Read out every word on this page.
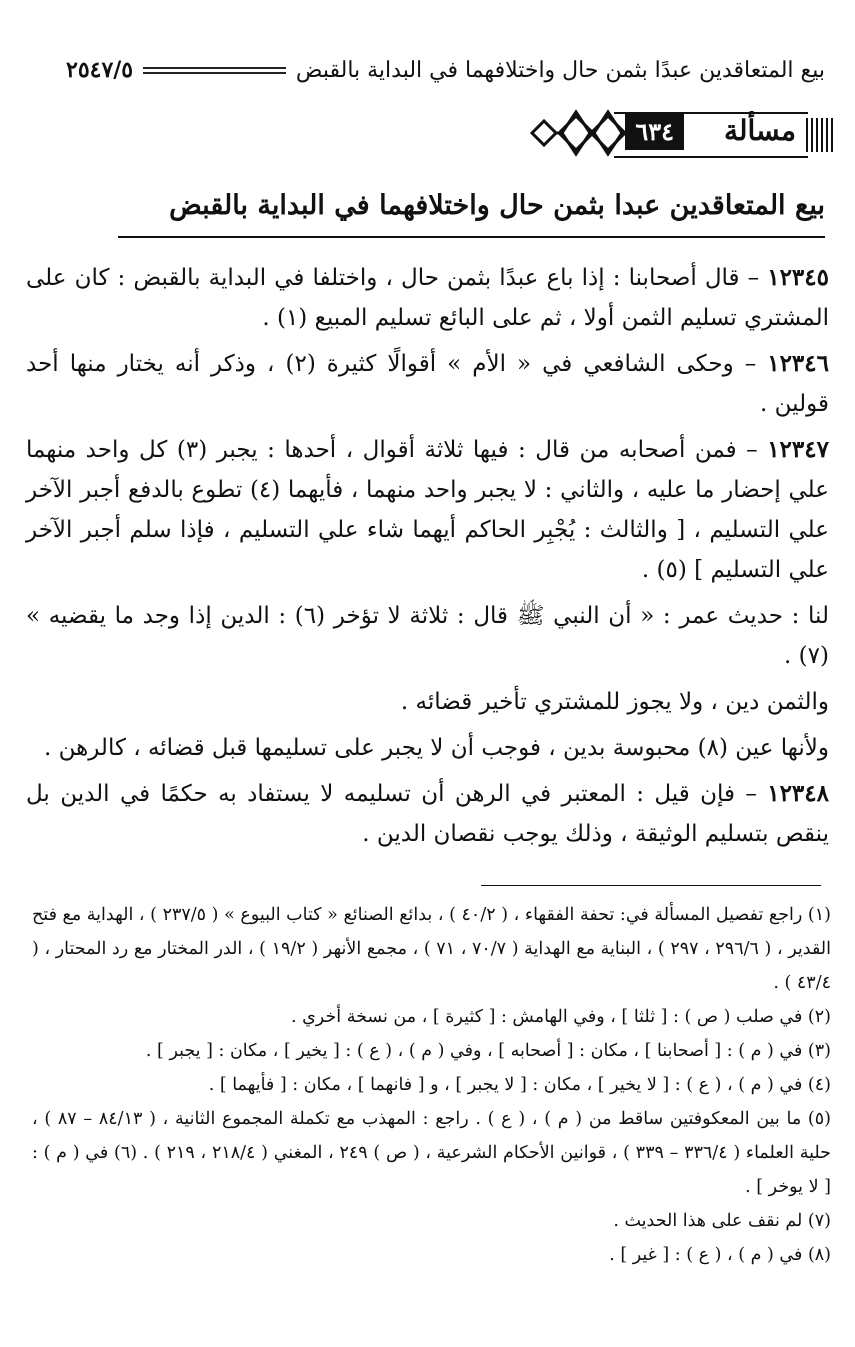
بيع المتعاقدين عبدًا بثمن حال واختلافهما في البداية بالقبض
٢٥٤٧/٥
مسألة
٦٣٤
بيع المتعاقدين عبدا بثمن حال واختلافهما في البداية بالقبض

١٢٣٤٥ – قال أصحابنا : إذا باع عبدًا بثمن حال ، واختلفا في البداية بالقبض : كان على المشتري تسليم الثمن أولا ، ثم على البائع تسليم المبيع (١) .

١٢٣٤٦ – وحكى الشافعي في « الأم » أقوالًا كثيرة (٢) ، وذكر أنه يختار منها أحد قولين .

١٢٣٤٧ – فمن أصحابه من قال : فيها ثلاثة أقوال ، أحدها : يجبر (٣) كل واحد منهما علي إحضار ما عليه ، والثاني : لا يجبر واحد منهما ، فأيهما (٤) تطوع بالدفع أجبر الآخر علي التسليم ، [ والثالث : يُجْبِر الحاكم أيهما شاء علي التسليم ، فإذا سلم أجبر الآخر علي التسليم ] (٥) .

لنا : حديث عمر : « أن النبي ﷺ قال : ثلاثة لا تؤخر (٦) : الدين إذا وجد ما يقضيه » (٧) .

والثمن دين ، ولا يجوز للمشتري تأخير قضائه .

ولأنها عين (٨) محبوسة بدين ، فوجب أن لا يجبر على تسليمها قبل قضائه ، كالرهن .

١٢٣٤٨ – فإن قيل : المعتبر في الرهن أن تسليمه لا يستفاد به حكمًا في الدين بل ينقص بتسليم الوثيقة ، وذلك يوجب نقصان الدين .

(١) راجع تفصيل المسألة في: تحفة الفقهاء ، ( ٤٠/٢ ) ، بدائع الصنائع « كتاب البيوع » ( ٢٣٧/٥ ) ، الهداية مع فتح القدير ، ( ٢٩٦/٦ ، ٢٩٧ ) ، البناية مع الهداية ( ٧٠/٧ ، ٧١ ) ، مجمع الأنهر ( ١٩/٢ ) ، الدر المختار مع رد المحتار ، ( ٤٣/٤ ) .

(٢) في صلب ( ص ) : [ ثلثا ] ، وفي الهامش : [ كثيرة ] ، من نسخة أخري .

(٣) في ( م ) : [ أصحابنا ] ، مكان : [ أصحابه ] ، وفي ( م ) ، ( ع ) : [ يخير ] ، مكان : [ يجبر ] .

(٤) في ( م ) ، ( ع ) : [ لا يخير ] ، مكان : [ لا يجبر ] ، و [ فانهما ] ، مكان : [ فأيهما ] .

(٥) ما بين المعكوفتين ساقط من ( م ) ، ( ع ) . راجع : المهذب مع تكملة المجموع الثانية ، ( ٨٤/١٣ – ٨٧ ) ، حلية العلماء ( ٣٣٦/٤ – ٣٣٩ ) ، قوانين الأحكام الشرعية ، ( ص ) ٢٤٩ ، المغني ( ٢١٨/٤ ، ٢١٩ ) . (٦) في ( م ) : [ لا يوخر ] .

(٧) لم نقف على هذا الحديث .

(٨) في ( م ) ، ( ع ) : [ غير ] .
